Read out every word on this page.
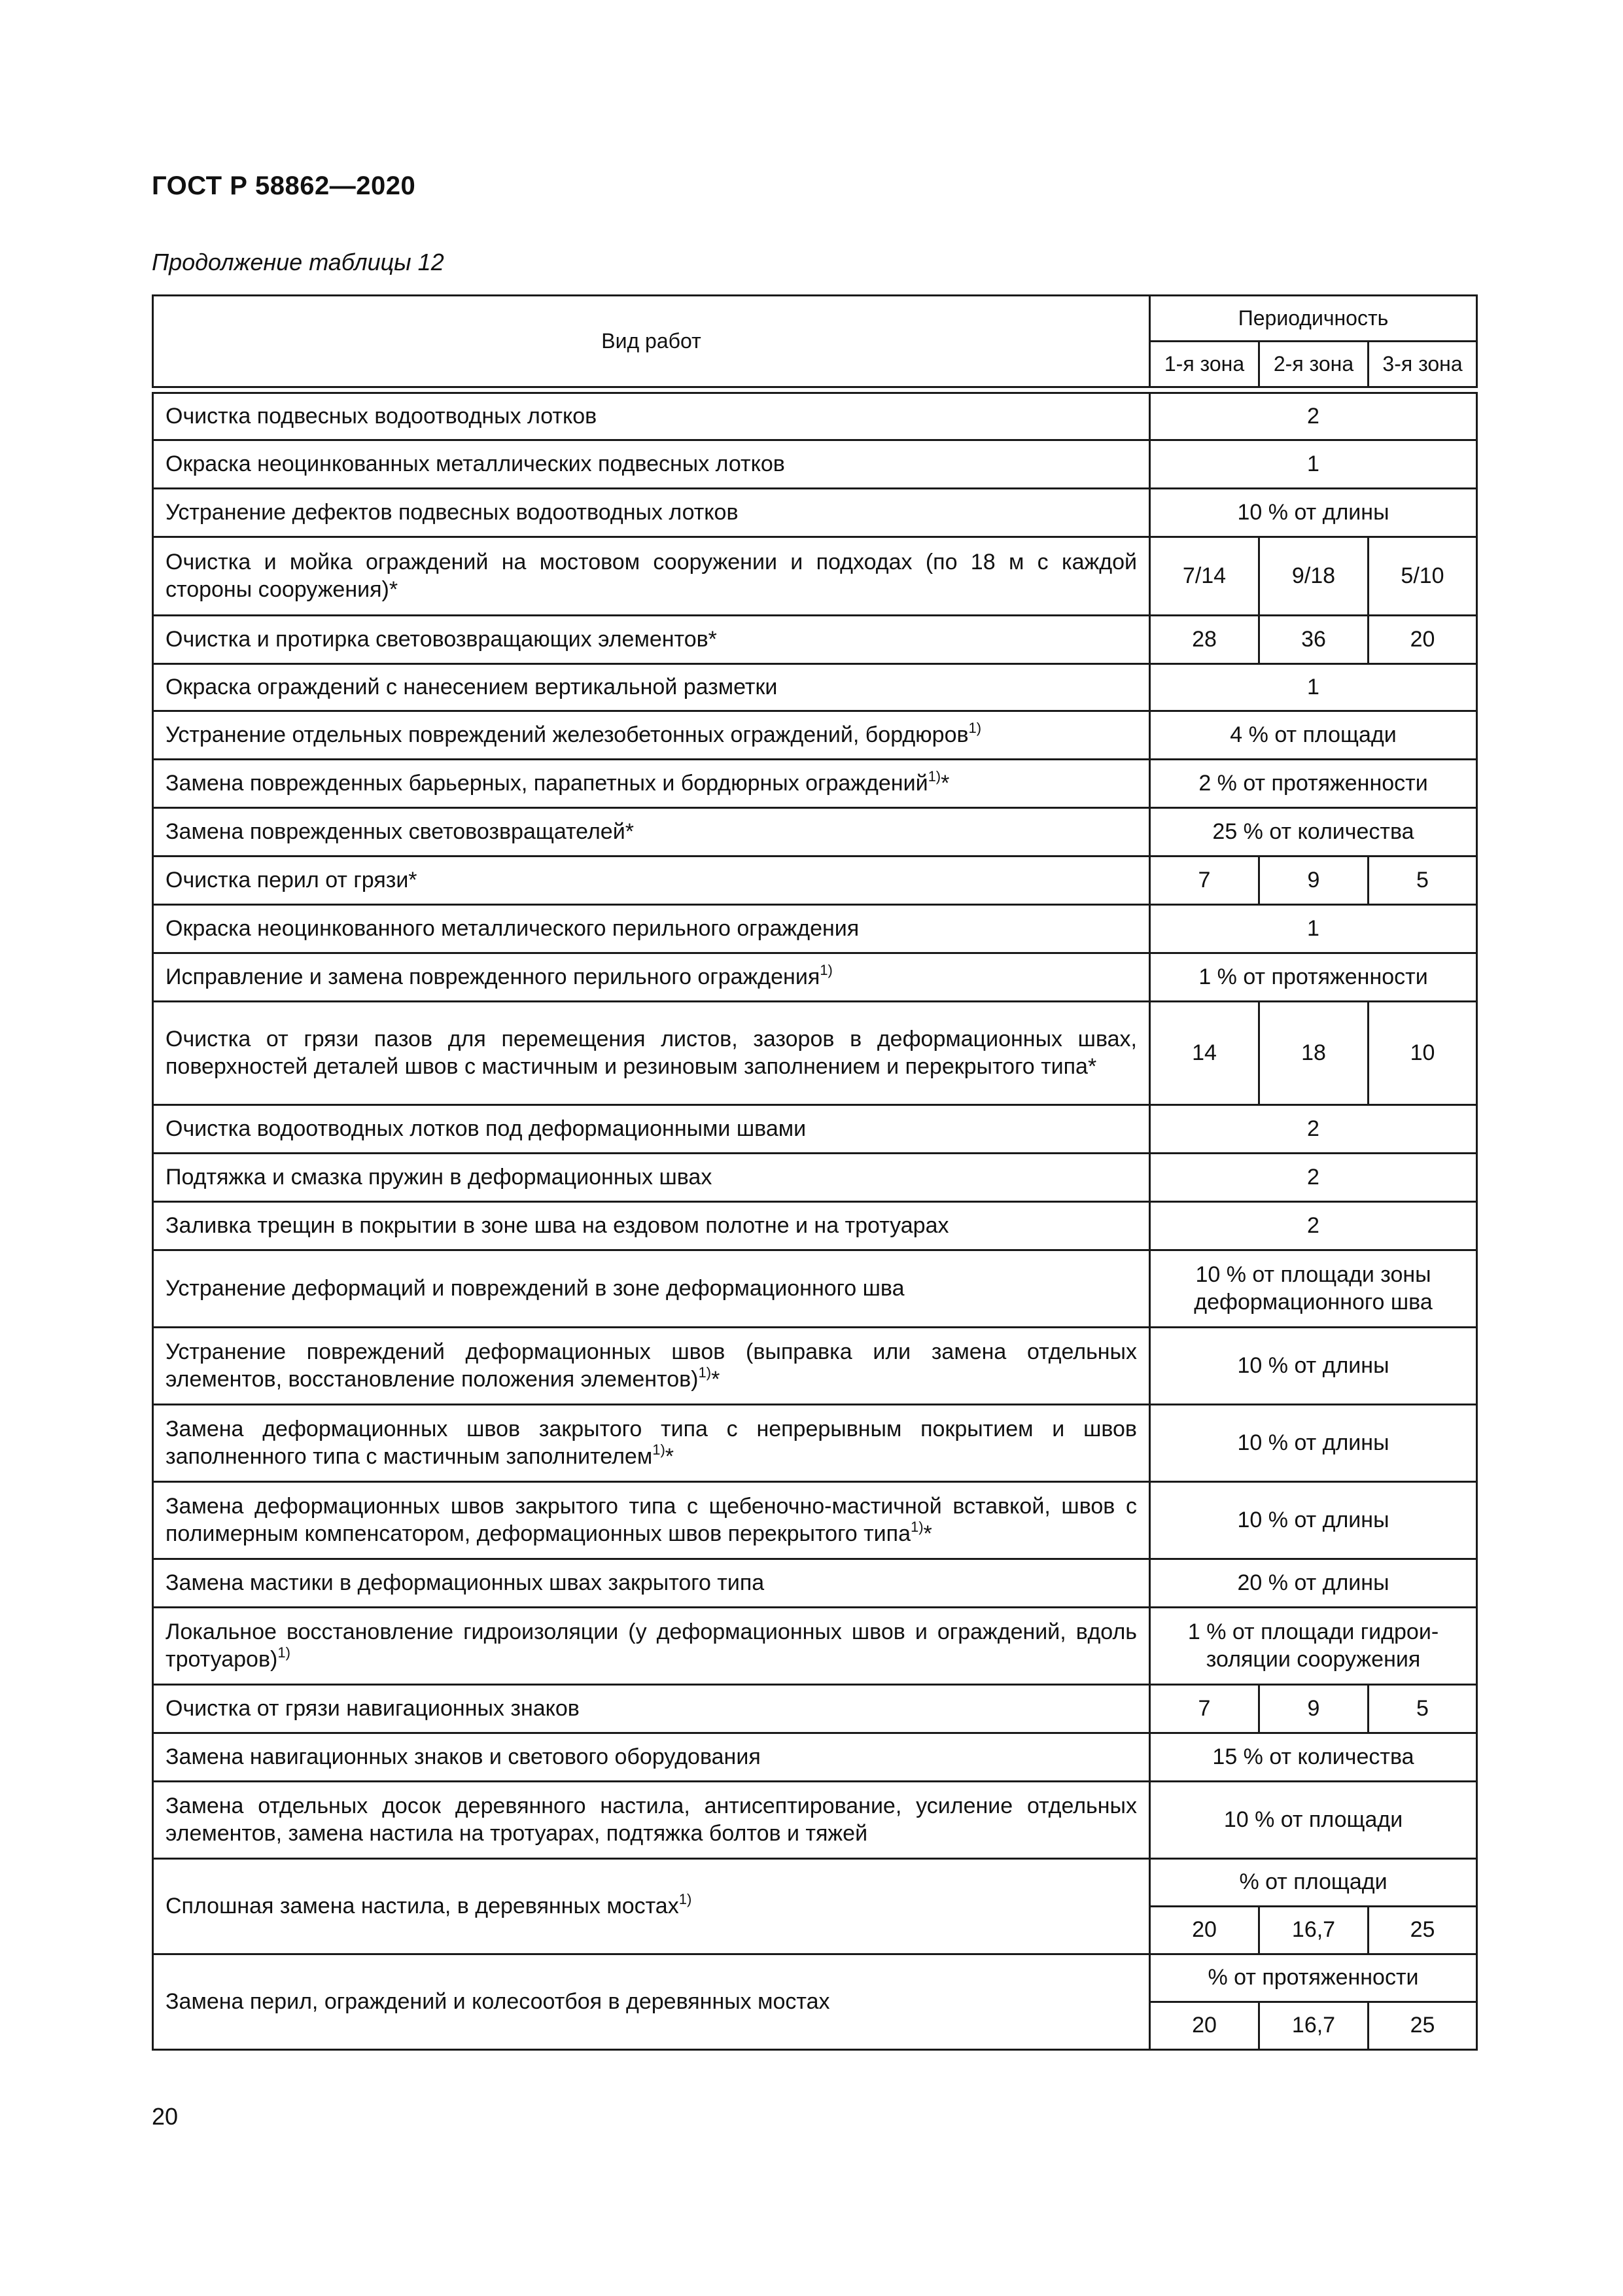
ГОСТ Р 58862—2020
Продолжение таблицы 12
Вид работ	Периодичность		
	1-я зона	2-я зона	3-я зона

Очистка подвесных водоотводных лотков	2		
Окраска неоцинкованных металлических подвесных лотков	1		
Устранение дефектов подвесных водоотводных лотков	10 % от длины		
Очистка и мойка ограждений на мостовом сооружении и подходах (по 18 м с каждой стороны сооружения)*	7/14	9/18	5/10
Очистка и протирка световозвращающих элементов*	28	36	20
Окраска ограждений с нанесением вертикальной разметки	1		
Устранение отдельных повреждений железобетонных ограждений, бордюров$^{1)}$	4 % от площади		
Замена поврежденных барьерных, парапетных и бордюрных ограждений$^{1)}$*	2 % от протяженности		
Замена поврежденных световозвращателей*	25 % от количества		
Очистка перил от грязи*	7	9	5
Окраска неоцинкованного металлического перильного ограждения	1		
Исправление и замена поврежденного перильного ограждения$^{1)}$	1 % от протяженности		
Очистка от грязи пазов для перемещения листов, зазоров в деформационных швах, поверхностей деталей швов с мастичным и резиновым заполнением и перекрытого типа*	14	18	10
Очистка водоотводных лотков под деформационными швами	2		
Подтяжка и смазка пружин в деформационных швах	2		
Заливка трещин в покрытии в зоне шва на ездовом полотне и на тротуарах	2		
Устранение деформаций и повреждений в зоне деформационного шва	10 % от площади зоны деформационного шва		
Устранение повреждений деформационных швов (выправка или замена отдельных элементов, восстановление положения элементов)$^{1)}$*	10 % от длины		
Замена деформационных швов закрытого типа с непрерывным покрытием и швов заполненного типа с мастичным заполнителем$^{1)}$*	10 % от длины		
Замена деформационных швов закрытого типа с щебеночно-мастичной вставкой, швов с полимерным компенсатором, деформационных швов перекрытого типа$^{1)}$*	10 % от длины		
Замена мастики в деформационных швах закрытого типа	20 % от длины		
Локальное восстановление гидроизоляции (у деформационных швов и ограждений, вдоль тротуаров)$^{1)}$	1 % от площади гидроизоляции сооружения		
Очистка от грязи навигационных знаков	7	9	5
Замена навигационных знаков и светового оборудования	15 % от количества		
Замена отдельных досок деревянного настила, антисептирование, усиление отдельных элементов, замена настила на тротуарах, подтяжка болтов и тяжей	10 % от площади		
Сплошная замена настила, в деревянных мостах$^{1)}$	% от площади		
	20	16,7	25
Замена перил, ограждений и колесоотбоя в деревянных мостах	% от протяженности		
	20	16,7	25
20
